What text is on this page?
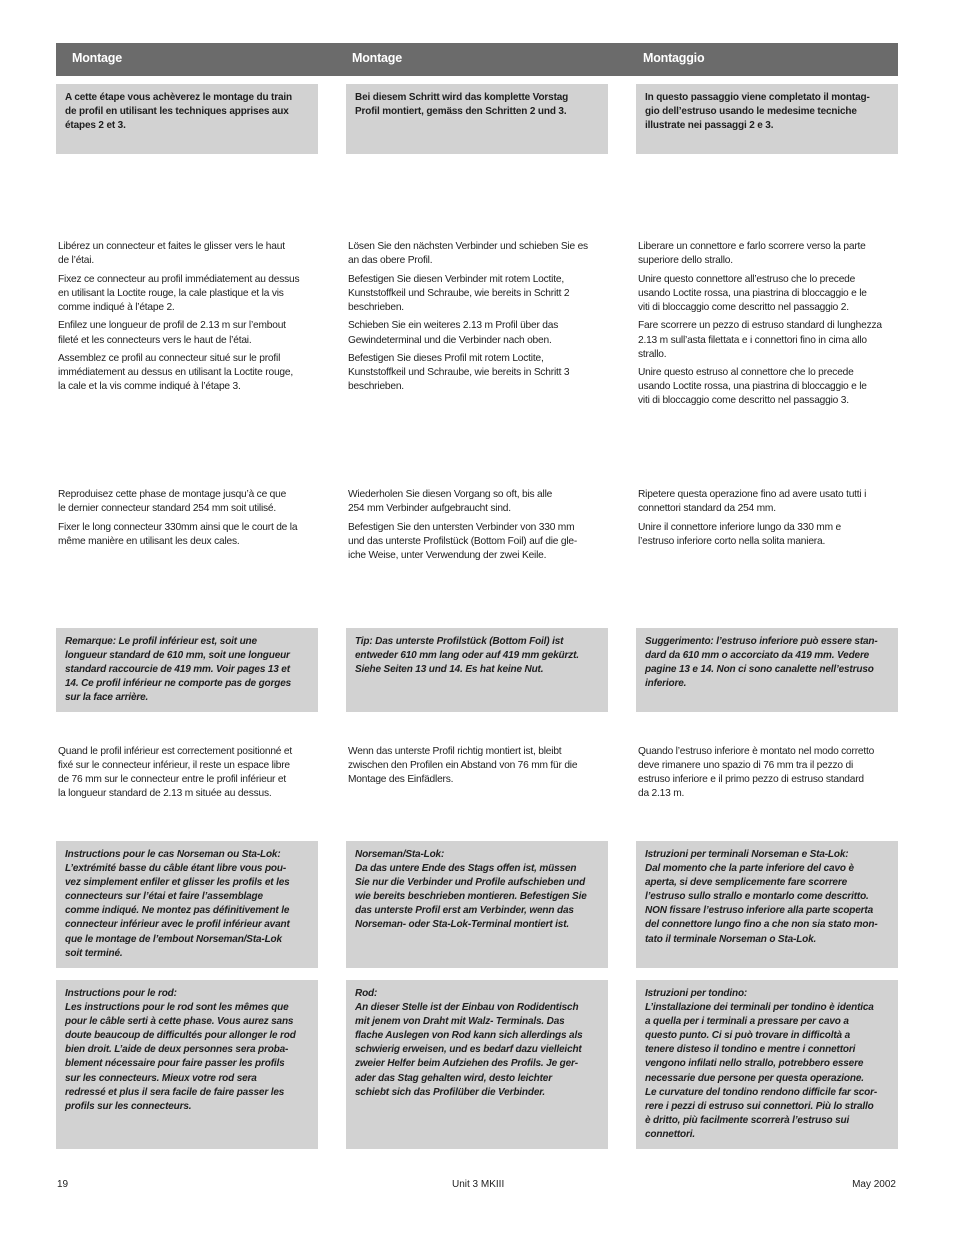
Montage	Montage	Montaggio
A cette étape vous achèverez le montage du train
de profil en utilisant les techniques apprises aux
étapes 2 et 3.
Bei diesem Schritt wird das komplette Vorstag
Profil montiert, gemäss den Schritten 2 und 3.
In questo passaggio viene completato il montag-
gio dell’estruso usando le medesime tecniche
illustrate nei passaggi 2 e 3.

Libérez un connecteur et faites le glisser vers le haut
de l’étai.

Fixez ce connecteur au profil immédiatement au dessus
en utilisant la Loctite rouge, la cale plastique et la vis
comme indiqué à l’étape 2.

Enfilez une longueur de profil de 2.13 m sur l’embout
fileté et les connecteurs vers le haut de l’étai.

Assemblez ce profil au connecteur situé sur le profil
immédiatement au dessus en utilisant la Loctite rouge,
la cale et la vis comme indiqué à l’étape 3.

Lösen Sie den nächsten Verbinder und schieben Sie es
an das obere Profil.

Befestigen Sie diesen Verbinder mit rotem Loctite,
Kunststoffkeil und Schraube, wie bereits in Schritt 2
beschrieben.

Schieben Sie ein weiteres 2.13 m Profil über das
Gewindeterminal und die Verbinder nach oben.

Befestigen Sie dieses Profil mit rotem Loctite,
Kunststoffkeil und Schraube, wie bereits in Schritt 3
beschrieben.

Liberare un connettore e farlo scorrere verso la parte
superiore dello strallo.

Unire questo connettore all’estruso che lo precede
usando Loctite rossa, una piastrina di bloccaggio e le
viti di bloccaggio come descritto nel passaggio 2.

Fare scorrere un pezzo di estruso standard di lunghezza
2.13 m sull’asta filettata e i connettori fino in cima allo
strallo.

Unire questo estruso al connettore che lo precede
usando Loctite rossa, una piastrina di bloccaggio e le
viti di bloccaggio come descritto nel passaggio 3.

Reproduisez cette phase de montage jusqu’à ce que
le dernier connecteur standard 254 mm soit utilisé.

Fixer le long connecteur 330mm ainsi que le court de la
même manière en utilisant les deux cales.

Wiederholen Sie diesen Vorgang so oft, bis alle
254 mm Verbinder aufgebraucht sind.

Befestigen Sie den untersten Verbinder von 330 mm
und das unterste Profilstück (Bottom Foil) auf die gle-
iche Weise, unter Verwendung der zwei Keile.

Ripetere questa operazione fino ad avere usato tutti i
connettori standard da 254 mm.

Unire il connettore inferiore lungo da 330 mm e
l’estruso inferiore corto nella solita maniera.

Remarque: Le profil inférieur est, soit une
longueur standard de 610 mm, soit une longueur
standard raccourcie de 419 mm. Voir pages 13 et
14. Ce profil inférieur ne comporte pas de gorges
sur la face arrière.
Tip: Das unterste Profilstück (Bottom Foil) ist
entweder 610 mm lang oder auf 419 mm gekürzt.
Siehe Seiten 13 und 14. Es hat keine Nut.
Suggerimento: l’estruso inferiore può essere stan-
dard da 610 mm o accorciato da 419 mm. Vedere
pagine 13 e 14. Non ci sono canalette nell’estruso
inferiore.

Quand le profil inférieur est correctement positionné et
fixé sur le connecteur inférieur, il reste un espace libre
de 76 mm sur le connecteur entre le profil inférieur et
la longueur standard de 2.13 m située au dessus.

Wenn das unterste Profil richtig montiert ist, bleibt
zwischen den Profilen ein Abstand von 76 mm für die
Montage des Einfädlers.

Quando l’estruso inferiore è montato nel modo corretto
deve rimanere uno spazio di 76 mm tra il pezzo di
estruso inferiore e il primo pezzo di estruso standard
da 2.13 m.

Instructions pour le cas Norseman ou Sta-Lok:
L’extrémité basse du câble étant libre vous pou-
vez simplement enfiler et glisser les profils et les
connecteurs sur l’étai et faire l’assemblage
comme indiqué. Ne montez pas définitivement le
connecteur inférieur avec le profil inférieur avant
que le montage de l’embout Norseman/Sta-Lok
soit terminé.
Norseman/Sta-Lok:
Da das untere Ende des Stags offen ist, müssen
Sie nur die Verbinder und Profile aufschieben und
wie bereits beschrieben montieren. Befestigen Sie
das unterste Profil erst am Verbinder, wenn das
Norseman- oder Sta-Lok-Terminal montiert ist.
Istruzioni per terminali Norseman e Sta-Lok:
Dal momento che la parte inferiore del cavo è
aperta, si deve semplicemente fare scorrere
l’estruso sullo strallo e montarlo come descritto.
NON fissare l’estruso inferiore alla parte scoperta
del connettore lungo fino a che non sia stato mon-
tato il terminale Norseman o Sta-Lok.
Instructions pour le rod:
Les instructions pour le rod sont les mêmes que
pour le câble serti à cette phase. Vous aurez sans
doute beaucoup de difficultés pour allonger le rod
bien droit. L’aide de deux personnes sera proba-
blement nécessaire pour faire passer les profils
sur les connecteurs. Mieux votre rod sera
redressé et plus il sera facile de faire passer les
profils sur les connecteurs.
Rod:
An dieser Stelle ist der Einbau von Rodidentisch
mit jenem von Draht mit Walz- Terminals. Das
flache Auslegen von Rod kann sich allerdings als
schwierig erweisen, und es bedarf dazu vielleicht
zweier Helfer beim Aufziehen des Profils. Je ger-
ader das Stag gehalten wird, desto leichter
schiebt sich das Profilüber die Verbinder.
Istruzioni per tondino:
L’installazione dei terminali per tondino è identica
a quella per i terminali a pressare per cavo a
questo punto. Ci si può trovare in difficoltà a
tenere disteso il tondino e mentre i connettori
vengono infilati nello strallo, potrebbero essere
necessarie due persone per questa operazione.
Le curvature del tondino rendono difficile far scor-
rere i pezzi di estruso sui connettori. Più lo strallo
è dritto, più facilmente scorrerà l’estruso sui
connettori.
19	Unit 3 MKIII	May 2002
